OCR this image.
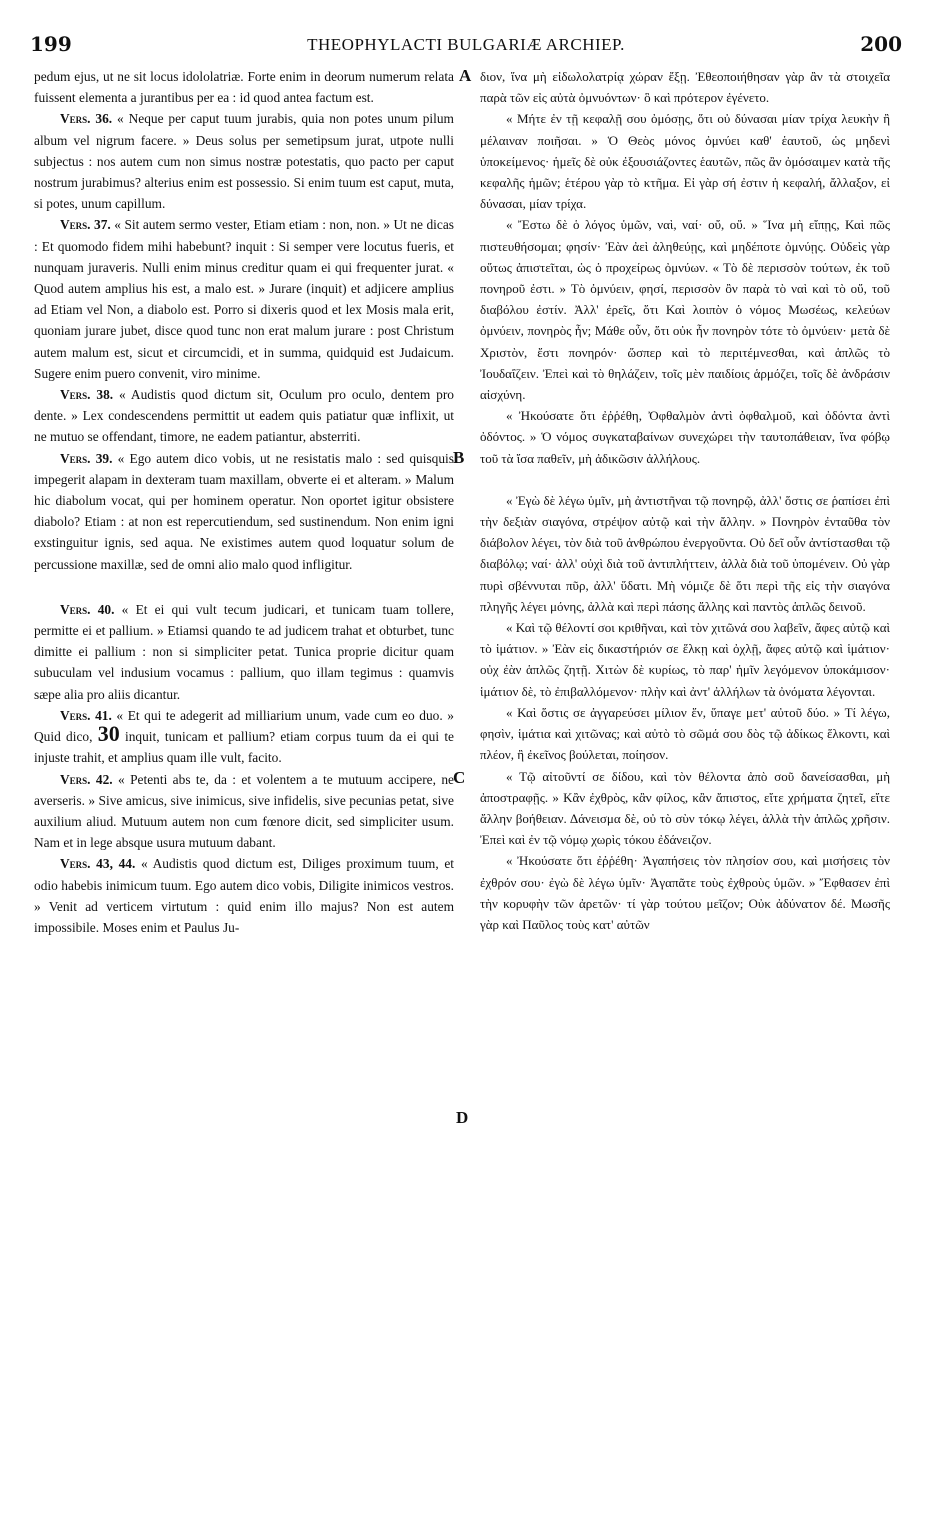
199	THEOPHYLACTI BULGARIÆ ARCHIEP.	200
A
B
C
D

pedum ejus, ut ne sit locus idololatriæ. Forte enim in deorum numerum relata fuissent elementa a jurantibus per ea : id quod antea factum est.

Vers. 36. « Neque per caput tuum jurabis, quia non potes unum pilum album vel nigrum facere. » Deus solus per semetipsum jurat, utpote nulli subjectus : nos autem cum non simus nostræ potestatis, quo pacto per caput nostrum jurabimus? alterius enim est possessio. Si enim tuum est caput, muta, si potes, unum capillum.

Vers. 37. « Sit autem sermo vester, Etiam etiam : non, non. » Ut ne dicas : Et quomodo fidem mihi habebunt? inquit : Si semper vere locutus fueris, et nunquam juraveris. Nulli enim minus creditur quam ei qui frequenter jurat. « Quod autem amplius his est, a malo est. » Jurare (inquit) et adjicere amplius ad Etiam vel Non, a diabolo est. Porro si dixeris quod et lex Mosis mala erit, quoniam jurare jubet, disce quod tunc non erat malum jurare : post Christum autem malum est, sicut et circumcidi, et in summa, quidquid est Judaicum. Sugere enim puero convenit, viro minime.

Vers. 38. « Audistis quod dictum sit, Oculum pro oculo, dentem pro dente. » Lex condescendens permittit ut eadem quis patiatur quæ inflixit, ut ne mutuo se offendant, timore, ne eadem patiantur, absterriti.

Vers. 39. « Ego autem dico vobis, ut ne resistatis malo : sed quisquis impegerit alapam in dexteram tuam maxillam, obverte ei et alteram. » Malum hic diabolum vocat, qui per hominem operatur. Non oportet igitur obsistere diabolo? Etiam : at non est repercutiendum, sed sustinendum. Non enim igni exstinguitur ignis, sed aqua. Ne existimes autem quod loquatur solum de percussione maxillæ, sed de omni alio malo quod infligitur.

Vers. 40. « Et ei qui vult tecum judicari, et tunicam tuam tollere, permitte ei et pallium. » Etiamsi quando te ad judicem trahat et obturbet, tunc dimitte ei pallium : non si simpliciter petat. Tunica proprie dicitur quam subuculam vel indusium vocamus : pallium, quo illam tegimus : quamvis sæpe alia pro aliis dicantur.

Vers. 41. « Et qui te adegerit ad milliarium unum, vade cum eo duo. » Quid dico, 30 inquit, tunicam et pallium? etiam corpus tuum da ei qui te injuste trahit, et amplius quam ille vult, facito.

Vers. 42. « Petenti abs te, da : et volentem a te mutuum accipere, ne averseris. » Sive amicus, sive inimicus, sive infidelis, sive pecunias petat, sive auxilium aliud. Mutuum autem non cum fœnore dicit, sed simpliciter usum. Nam et in lege absque usura mutuum dabant.

Vers. 43, 44. « Audistis quod dictum est, Diliges proximum tuum, et odio habebis inimicum tuum. Ego autem dico vobis, Diligite inimicos vestros. » Venit ad verticem virtutum : quid enim illo majus? Non est autem impossibile. Moses enim et Paulus Ju-

διον, ἵνα μὴ εἰδωλολατρίᾳ χώραν ἔξῃ. Ἐθεοποιήθησαν γὰρ ἂν τὰ στοιχεῖα παρὰ τῶν εἰς αὐτὰ ὀμνυόντων· ὃ καὶ πρότερον ἐγένετο.

« Μήτε ἐν τῇ κεφαλῇ σου ὀμόσῃς, ὅτι οὐ δύνασαι μίαν τρίχα λευκὴν ἢ μέλαιναν ποιῆσαι. » Ὁ Θεὸς μόνος ὀμνύει καθ' ἑαυτοῦ, ὡς μηδενὶ ὑποκείμενος· ἡμεῖς δὲ οὐκ ἐξουσιάζοντες ἑαυτῶν, πῶς ἂν ὀμόσαιμεν κατὰ τῆς κεφαλῆς ἡμῶν; ἑτέρου γὰρ τὸ κτῆμα. Εἰ γὰρ σή ἐστιν ἡ κεφαλή, ἄλλαξον, εἰ δύνασαι, μίαν τρίχα.

« Ἔστω δὲ ὁ λόγος ὑμῶν, ναὶ, ναί· οὔ, οὔ. » Ἵνα μὴ εἴπῃς, Καὶ πῶς πιστευθήσομαι; φησίν· Ἐὰν ἀεὶ ἀληθεύῃς, καὶ μηδέποτε ὀμνύῃς. Οὐδεὶς γὰρ οὕτως ἀπιστεῖται, ὡς ὁ προχείρως ὀμνύων. « Τὸ δὲ περισσὸν τούτων, ἐκ τοῦ πονηροῦ ἐστι. » Τὸ ὀμνύειν, φησί, περισσὸν ὂν παρὰ τὸ ναὶ καὶ τὸ οὔ, τοῦ διαβόλου ἐστίν. Ἀλλ' ἐρεῖς, ὅτι Καὶ λοιπὸν ὁ νόμος Μωσέως, κελεύων ὀμνύειν, πονηρὸς ἦν; Μάθε οὖν, ὅτι οὐκ ἦν πονηρὸν τότε τὸ ὀμνύειν· μετὰ δὲ Χριστὸν, ἔστι πονηρόν· ὥσπερ καὶ τὸ περιτέμνεσθαι, καὶ ἁπλῶς τὸ Ἰουδαΐζειν. Ἐπεὶ καὶ τὸ θηλάζειν, τοῖς μὲν παιδίοις ἁρμόζει, τοῖς δὲ ἀνδράσιν αἰσχύνη.

« Ἠκούσατε ὅτι ἐῤῥέθη, Ὀφθαλμὸν ἀντὶ ὀφθαλμοῦ, καὶ ὀδόντα ἀντὶ ὀδόντος. » Ὁ νόμος συγκαταβαίνων συνεχώρει τὴν ταυτοπάθειαν, ἵνα φόβῳ τοῦ τὰ ἴσα παθεῖν, μὴ ἀδικῶσιν ἀλλήλους.

« Ἐγὼ δὲ λέγω ὑμῖν, μὴ ἀντιστῆναι τῷ πονηρῷ, ἀλλ' ὅστις σε ῥαπίσει ἐπὶ τὴν δεξιὰν σιαγόνα, στρέψον αὐτῷ καὶ τὴν ἄλλην. » Πονηρὸν ἐνταῦθα τὸν διάβολον λέγει, τὸν διὰ τοῦ ἀνθρώπου ἐνεργοῦντα. Οὐ δεῖ οὖν ἀντίστασθαι τῷ διαβόλῳ; ναί· ἀλλ' οὐχὶ διὰ τοῦ ἀντιπλήττειν, ἀλλὰ διὰ τοῦ ὑπομένειν. Οὐ γὰρ πυρὶ σβέννυται πῦρ, ἀλλ' ὕδατι. Μὴ νόμιζε δὲ ὅτι περὶ τῆς εἰς τὴν σιαγόνα πληγῆς λέγει μόνης, ἀλλὰ καὶ περὶ πάσης ἄλλης καὶ παντὸς ἁπλῶς δεινοῦ.

« Καὶ τῷ θέλοντί σοι κριθῆναι, καὶ τὸν χιτῶνά σου λαβεῖν, ἄφες αὐτῷ καὶ τὸ ἱμάτιον. » Ἐὰν εἰς δικαστήριόν σε ἕλκῃ καὶ ὀχλῇ, ἄφες αὐτῷ καὶ ἱμάτιον· οὐχ ἐὰν ἁπλῶς ζητῇ. Χιτὼν δὲ κυρίως, τὸ παρ' ἡμῖν λεγόμενον ὑποκάμισον· ἱμάτιον δὲ, τὸ ἐπιβαλλόμενον· πλὴν καὶ ἀντ' ἀλλήλων τὰ ὀνόματα λέγονται.

« Καὶ ὅστις σε ἀγγαρεύσει μίλιον ἕν, ὕπαγε μετ' αὐτοῦ δύο. » Τί λέγω, φησὶν, ἱμάτια καὶ χιτῶνας; καὶ αὐτὸ τὸ σῶμά σου δὸς τῷ ἀδίκως ἕλκοντι, καὶ πλέον, ἢ ἐκεῖνος βούλεται, ποίησον.

« Τῷ αἰτοῦντί σε δίδου, καὶ τὸν θέλοντα ἀπὸ σοῦ δανείσασθαι, μὴ ἀποστραφῇς. » Κἂν ἐχθρὸς, κἂν φίλος, κἂν ἄπιστος, εἴτε χρήματα ζητεῖ, εἴτε ἄλλην βοήθειαν. Δάνεισμα δὲ, οὐ τὸ σὺν τόκῳ λέγει, ἀλλὰ τὴν ἁπλῶς χρῆσιν. Ἐπεὶ καὶ ἐν τῷ νόμῳ χωρὶς τόκου ἐδάνειζον.

« Ἠκούσατε ὅτι ἐῤῥέθη· Ἀγαπήσεις τὸν πλησίον σου, καὶ μισήσεις τὸν ἐχθρόν σου· ἐγὼ δὲ λέγω ὑμῖν· Ἀγαπᾶτε τοὺς ἐχθροὺς ὑμῶν. » Ἔφθασεν ἐπὶ τὴν κορυφὴν τῶν ἀρετῶν· τί γὰρ τούτου μεῖζον; Οὐκ ἀδύνατον δέ. Μωσῆς γὰρ καὶ Παῦλος τοὺς κατ' αὐτῶν
